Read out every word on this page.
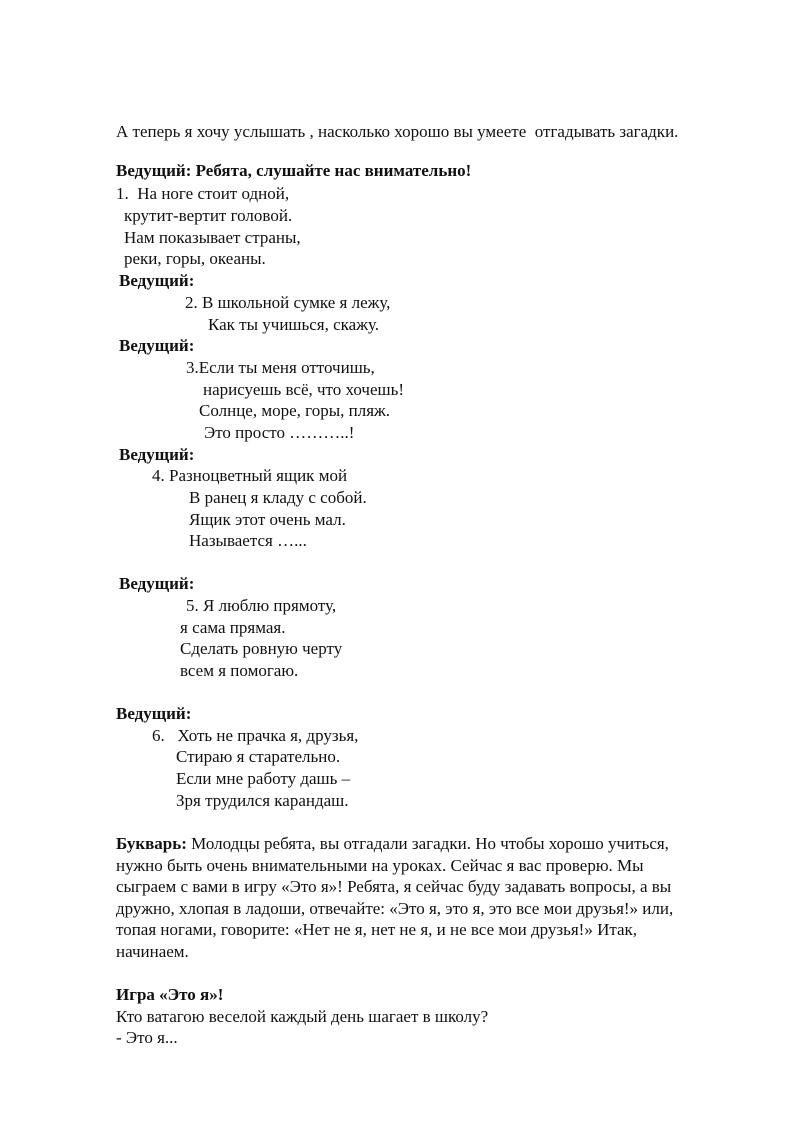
А теперь я хочу услышать , насколько хорошо вы умеете  отгадывать загадки.
Ведущий: Ребята, слушайте нас внимательно!
1.  На ноге стоит одной,
крутит-вертит головой.
Нам показывает страны,
реки, горы, океаны.
Ведущий:
2. В школьной сумке я лежу,
Как ты учишься, скажу.
Ведущий:
3.Если ты меня отточишь,
нарисуешь всё, что хочешь!
Солнце, море, горы, пляж.
Это просто ………..!
Ведущий:
4. Разноцветный ящик мой
В ранец я кладу с собой.
Ящик этот очень мал.
Называется …...
Ведущий:
5. Я люблю прямоту,
я сама прямая.
Сделать ровную черту
всем я помогаю.
Ведущий:
6.   Хоть не прачка я, друзья,
Стираю я старательно.
Если мне работу дашь –
Зря трудился карандаш.
Букварь: Молодцы ребята, вы отгадали загадки. Но чтобы хорошо учиться,
нужно быть очень внимательными на уроках. Сейчас я вас проверю. Мы
сыграем с вами в игру «Это я»! Ребята, я сейчас буду задавать вопросы, а вы
дружно, хлопая в ладоши, отвечайте: «Это я, это я, это все мои друзья!» или,
топая ногами, говорите: «Нет не я, нет не я, и не все мои друзья!» Итак,
начинаем.
Игра «Это я»!
Кто ватагою веселой каждый день шагает в школу?
- Это я...
